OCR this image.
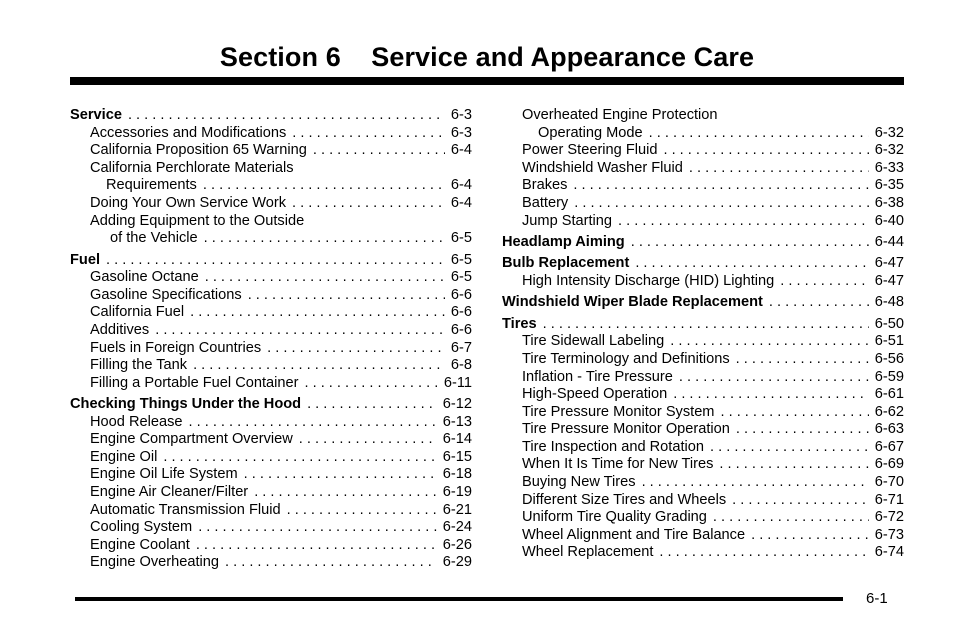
Section 6    Service and Appearance Care
Service . . .	6-3
Accessories and Modifications . . .	6-3
California Proposition 65 Warning . . .	6-4
California Perchlorate Materials
Requirements . . .	6-4
Doing Your Own Service Work . . .	6-4
Adding Equipment to the Outside
of the Vehicle . . .	6-5
Fuel . . .	6-5
Gasoline Octane . . .	6-5
Gasoline Specifications . . .	6-6
California Fuel . . .	6-6
Additives . . .	6-6
Fuels in Foreign Countries . . .	6-7
Filling the Tank . . .	6-8
Filling a Portable Fuel Container . . .	6-11
Checking Things Under the Hood . . .	6-12
Hood Release . . .	6-13
Engine Compartment Overview . . .	6-14
Engine Oil . . .	6-15
Engine Oil Life System . . .	6-18
Engine Air Cleaner/Filter . . .	6-19
Automatic Transmission Fluid . . .	6-21
Cooling System . . .	6-24
Engine Coolant . . .	6-26
Engine Overheating . . .	6-29
Overheated Engine Protection
Operating Mode . . .	6-32
Power Steering Fluid . . .	6-32
Windshield Washer Fluid . . .	6-33
Brakes . . .	6-35
Battery . . .	6-38
Jump Starting . . .	6-40
Headlamp Aiming . . .	6-44
Bulb Replacement . . .	6-47
High Intensity Discharge (HID) Lighting . . .	6-47
Windshield Wiper Blade Replacement . . .	6-48
Tires . . .	6-50
Tire Sidewall Labeling . . .	6-51
Tire Terminology and Definitions . . .	6-56
Inflation - Tire Pressure . . .	6-59
High-Speed Operation . . .	6-61
Tire Pressure Monitor System . . .	6-62
Tire Pressure Monitor Operation . . .	6-63
Tire Inspection and Rotation . . .	6-67
When It Is Time for New Tires . . .	6-69
Buying New Tires . . .	6-70
Different Size Tires and Wheels . . .	6-71
Uniform Tire Quality Grading . . .	6-72
Wheel Alignment and Tire Balance . . .	6-73
Wheel Replacement . . .	6-74
6-1
